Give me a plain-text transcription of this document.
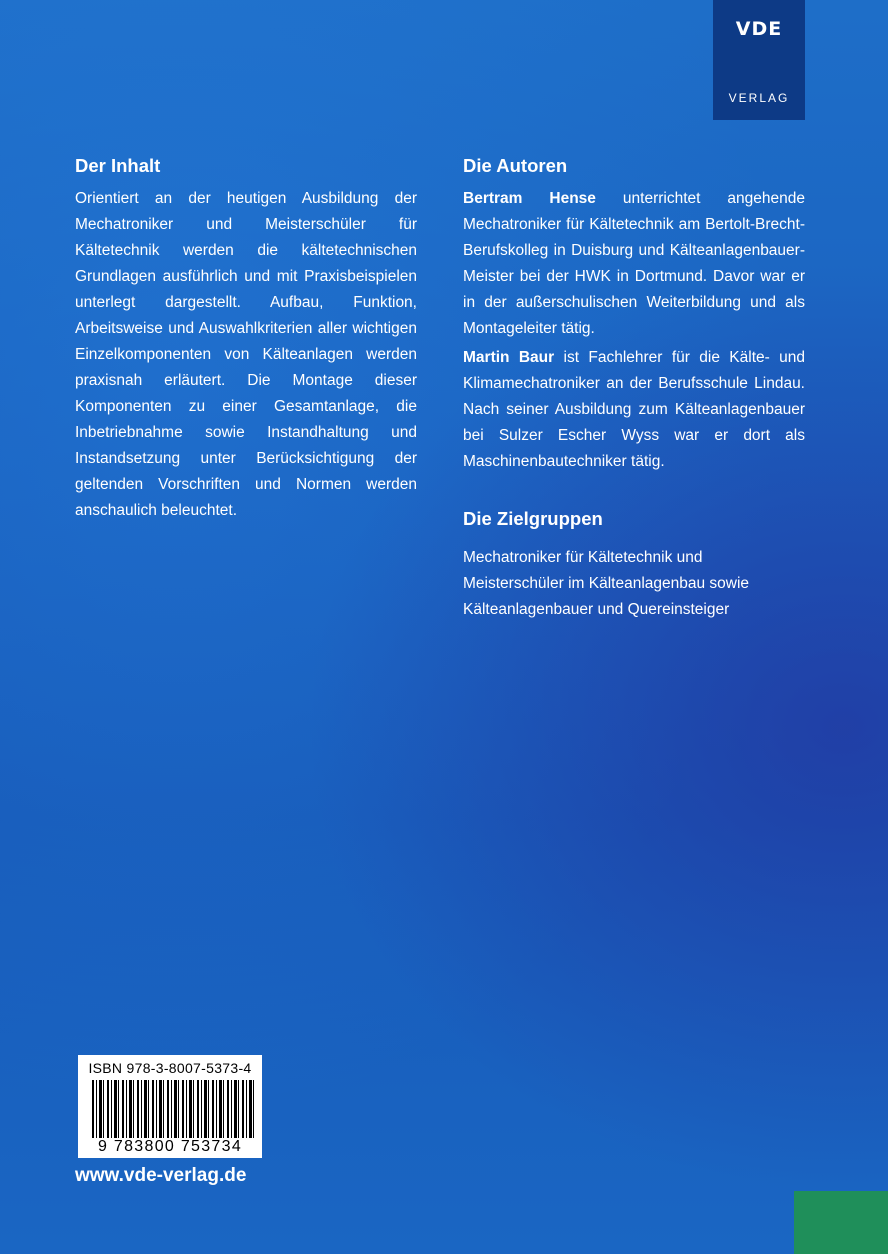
VDE
VERLAG
Der Inhalt

Orientiert an der heutigen Ausbildung der Mechatroniker und Meisterschüler für Kältetechnik werden die kältetechnischen Grundlagen ausführlich und mit Praxisbeispielen unterlegt dargestellt. Aufbau, Funktion, Arbeitsweise und Auswahlkriterien aller wichtigen Einzelkomponenten von Kälteanlagen werden praxisnah erläutert. Die Montage dieser Komponenten zu einer Gesamtanlage, die Inbetriebnahme sowie Instandhaltung und Instandsetzung unter Berücksichtigung der geltenden Vorschriften und Normen werden anschaulich beleuchtet.

Die Autoren

Bertram Hense unterrichtet angehende Mechatroniker für Kältetechnik am Bertolt-Brecht-Berufskolleg in Duisburg und Kälteanlagenbauer-Meister bei der HWK in Dortmund. Davor war er in der außerschulischen Weiterbildung und als Montageleiter tätig.

Martin Baur ist Fachlehrer für die Kälte- und Klimamechatroniker an der Berufsschule Lindau. Nach seiner Ausbildung zum Kälteanlagenbauer bei Sulzer Escher Wyss war er dort als Maschinenbautechniker tätig.

Die Zielgruppen

Mechatroniker für Kältetechnik und Meisterschüler im Kälteanlagenbau sowie Kälteanlagenbauer und Quereinsteiger

ISBN 978-3-8007-5373-4
9 783800 753734
www.vde-verlag.de
